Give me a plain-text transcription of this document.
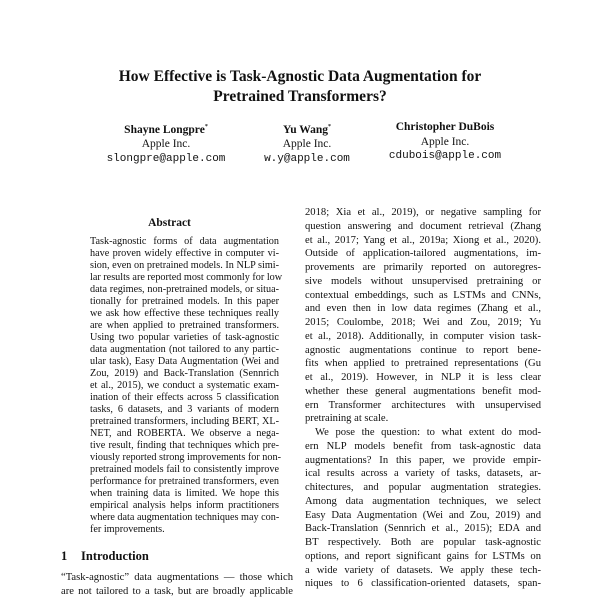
How Effective is Task-Agnostic Data Augmentation for
Pretrained Transformers?
Shayne Longpre*
Apple Inc.
slongpre@apple.com
Yu Wang*
Apple Inc.
w.y@apple.com
Christopher DuBois
Apple Inc.
cdubois@apple.com
Abstract
Task-agnostic forms of data augmentation
have proven widely effective in computer vi-
sion, even on pretrained models. In NLP simi-
lar results are reported most commonly for low
data regimes, non-pretrained models, or situa-
tionally for pretrained models. In this paper
we ask how effective these techniques really
are when applied to pretrained transformers.
Using two popular varieties of task-agnostic
data augmentation (not tailored to any partic-
ular task), Easy Data Augmentation (Wei and
Zou, 2019) and Back-Translation (Sennrich
et al., 2015), we conduct a systematic exam-
ination of their effects across 5 classification
tasks, 6 datasets, and 3 variants of modern
pretrained transformers, including BERT, XL-
NET, and ROBERTA. We observe a nega-
tive result, finding that techniques which pre-
viously reported strong improvements for non-
pretrained models fail to consistently improve
performance for pretrained transformers, even
when training data is limited. We hope this
empirical analysis helps inform practitioners
where data augmentation techniques may con-
fer improvements.
1 Introduction
“Task-agnostic” data augmentations — those which
are not tailored to a task, but are broadly applicable
2018; Xia et al., 2019), or negative sampling for
question answering and document retrieval (Zhang
et al., 2017; Yang et al., 2019a; Xiong et al., 2020).
Outside of application-tailored augmentations, im-
provements are primarily reported on autoregres-
sive models without unsupervised pretraining or
contextual embeddings, such as LSTMs and CNNs,
and even then in low data regimes (Zhang et al.,
2015; Coulombe, 2018; Wei and Zou, 2019; Yu
et al., 2018). Additionally, in computer vision task-
agnostic augmentations continue to report bene-
fits when applied to pretrained representations (Gu
et al., 2019). However, in NLP it is less clear
whether these general augmentations benefit mod-
ern Transformer architectures with unsupervised
pretraining at scale.
We pose the question: to what extent do mod-
ern NLP models benefit from task-agnostic data
augmentations? In this paper, we provide empir-
ical results across a variety of tasks, datasets, ar-
chitectures, and popular augmentation strategies.
Among data augmentation techniques, we select
Easy Data Augmentation (Wei and Zou, 2019) and
Back-Translation (Sennrich et al., 2015); EDA and
BT respectively. Both are popular task-agnostic
options, and report significant gains for LSTMs on
a wide variety of datasets. We apply these tech-
niques to 6 classification-oriented datasets, span-
